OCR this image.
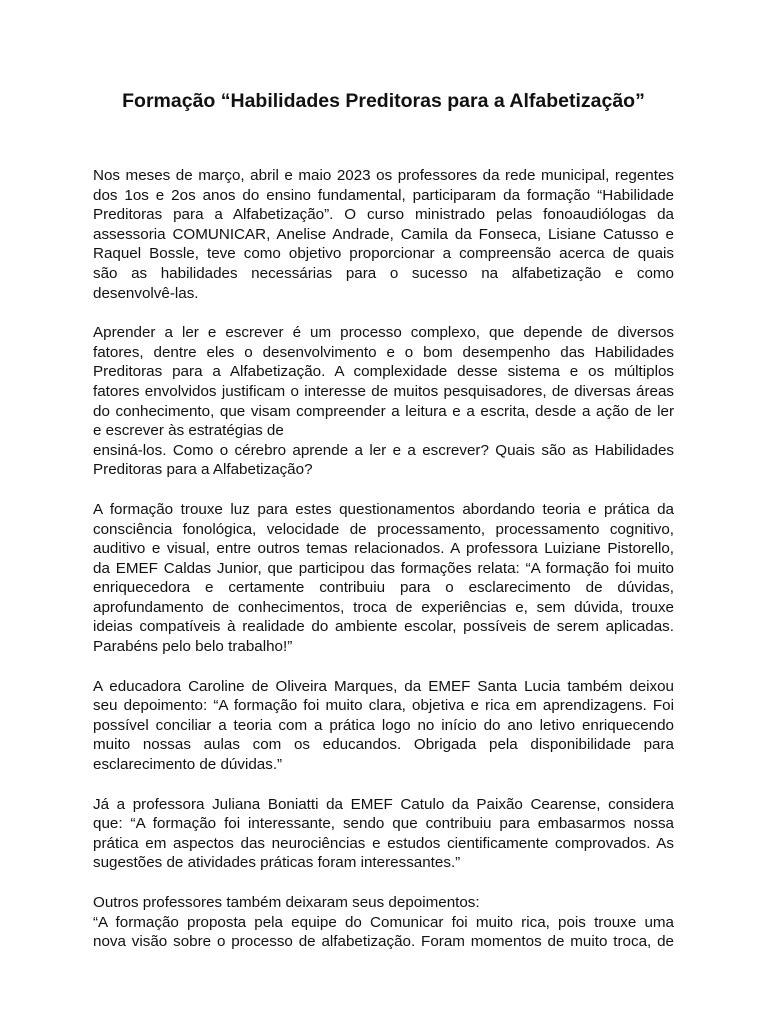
Formação “Habilidades Preditoras para a Alfabetização”
Nos meses de março, abril e maio 2023 os professores da rede municipal, regentes
dos 1os e 2os anos do ensino fundamental, participaram da formação “Habilidade
Preditoras para a Alfabetização”. O curso ministrado pelas fonoaudiólogas da
assessoria COMUNICAR, Anelise Andrade, Camila da Fonseca, Lisiane Catusso e
Raquel Bossle, teve como objetivo proporcionar a compreensão acerca de quais
são as habilidades necessárias para o sucesso na alfabetização e como
desenvolvê-las.
Aprender a ler e escrever é um processo complexo, que depende de diversos
fatores, dentre eles o desenvolvimento e o bom desempenho das Habilidades
Preditoras para a Alfabetização. A complexidade desse sistema e os múltiplos
fatores envolvidos justificam o interesse de muitos pesquisadores, de diversas áreas
do conhecimento, que visam compreender a leitura e a escrita, desde a ação de ler
e escrever às estratégias de
ensiná-los. Como o cérebro aprende a ler e a escrever? Quais são as Habilidades
Preditoras para a Alfabetização?
A formação trouxe luz para estes questionamentos abordando teoria e prática da
consciência fonológica, velocidade de processamento, processamento cognitivo,
auditivo e visual, entre outros temas relacionados. A professora Luiziane Pistorello,
da EMEF Caldas Junior, que participou das formações relata: “A formação foi muito
enriquecedora e certamente contribuiu para o esclarecimento de dúvidas,
aprofundamento de conhecimentos, troca de experiências e, sem dúvida, trouxe
ideias compatíveis à realidade do ambiente escolar, possíveis de serem aplicadas.
Parabéns pelo belo trabalho!”
A educadora Caroline de Oliveira Marques, da EMEF Santa Lucia também deixou
seu depoimento: “A formação foi muito clara, objetiva e rica em aprendizagens. Foi
possível conciliar a teoria com a prática logo no início do ano letivo enriquecendo
muito nossas aulas com os educandos. Obrigada pela disponibilidade para
esclarecimento de dúvidas.”
Já a professora Juliana Boniatti da EMEF Catulo da Paixão Cearense, considera
que: “A formação foi interessante, sendo que contribuiu para embasarmos nossa
prática em aspectos das neurociências e estudos cientificamente comprovados. As
sugestões de atividades práticas foram interessantes.”
Outros professores também deixaram seus depoimentos:
“A formação proposta pela equipe do Comunicar foi muito rica, pois trouxe uma
nova visão sobre o processo de alfabetização. Foram momentos de muito troca, de
